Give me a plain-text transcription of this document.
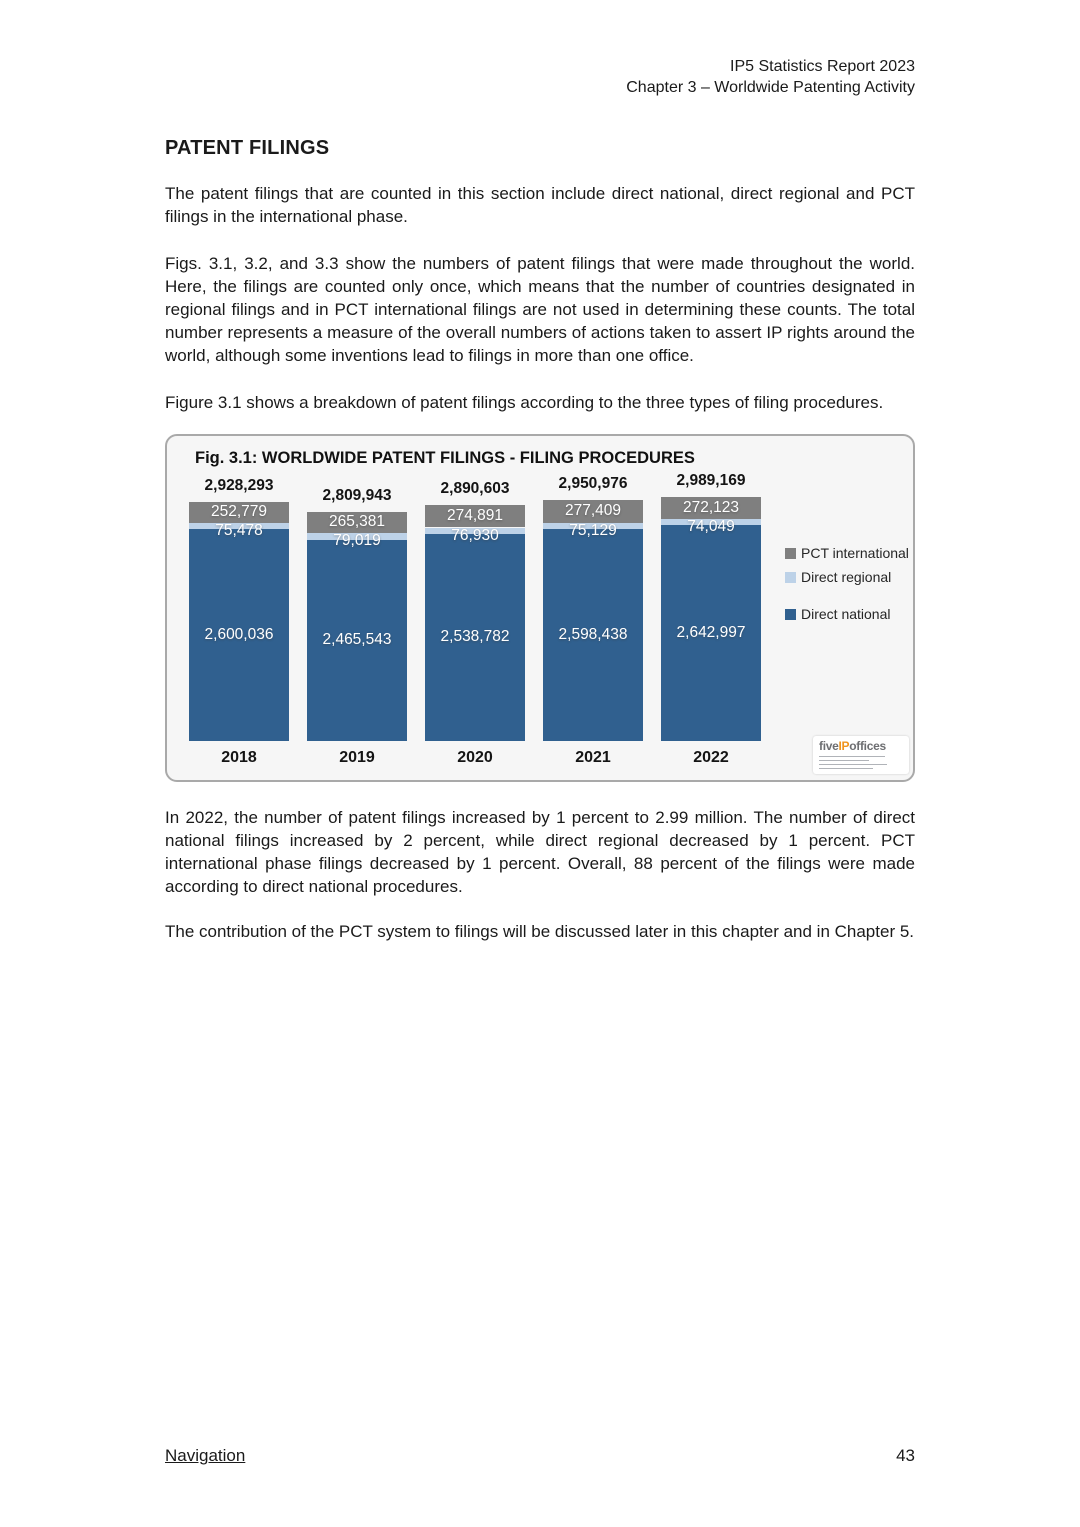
IP5 Statistics Report 2023
Chapter 3 – Worldwide Patenting Activity
PATENT FILINGS

The patent filings that are counted in this section include direct national, direct regional and PCT filings in the international phase.

Figs. 3.1, 3.2, and 3.3 show the numbers of patent filings that were made throughout the world. Here, the filings are counted only once, which means that the number of countries designated in regional filings and in PCT international filings are not used in determining these counts. The total number represents a measure of the overall numbers of actions taken to assert IP rights around the world, although some inventions lead to filings in more than one office.

Figure 3.1 shows a breakdown of patent filings according to the three types of filing procedures.

Fig. 3.1: WORLDWIDE PATENT FILINGS - FILING PROCEDURES
2,928,293
252,779
75,478
2,600,036
2018
2,809,943
265,381
79,019
2,465,543
2019
2,890,603
274,891
76,930
2,538,782
2020
2,950,976
277,409
75,129
2,598,438
2021
2,989,169
272,123
74,049
2,642,997
2022
PCT international
Direct regional
Direct national
fiveIPoffices

In 2022, the number of patent filings increased by 1 percent to 2.99 million. The number of direct national filings increased by 2 percent, while direct regional decreased by 1 percent. PCT international phase filings decreased by 1 percent. Overall, 88 percent of the filings were made according to direct national procedures.

The contribution of the PCT system to filings will be discussed later in this chapter and in Chapter 5.

Navigation	43
